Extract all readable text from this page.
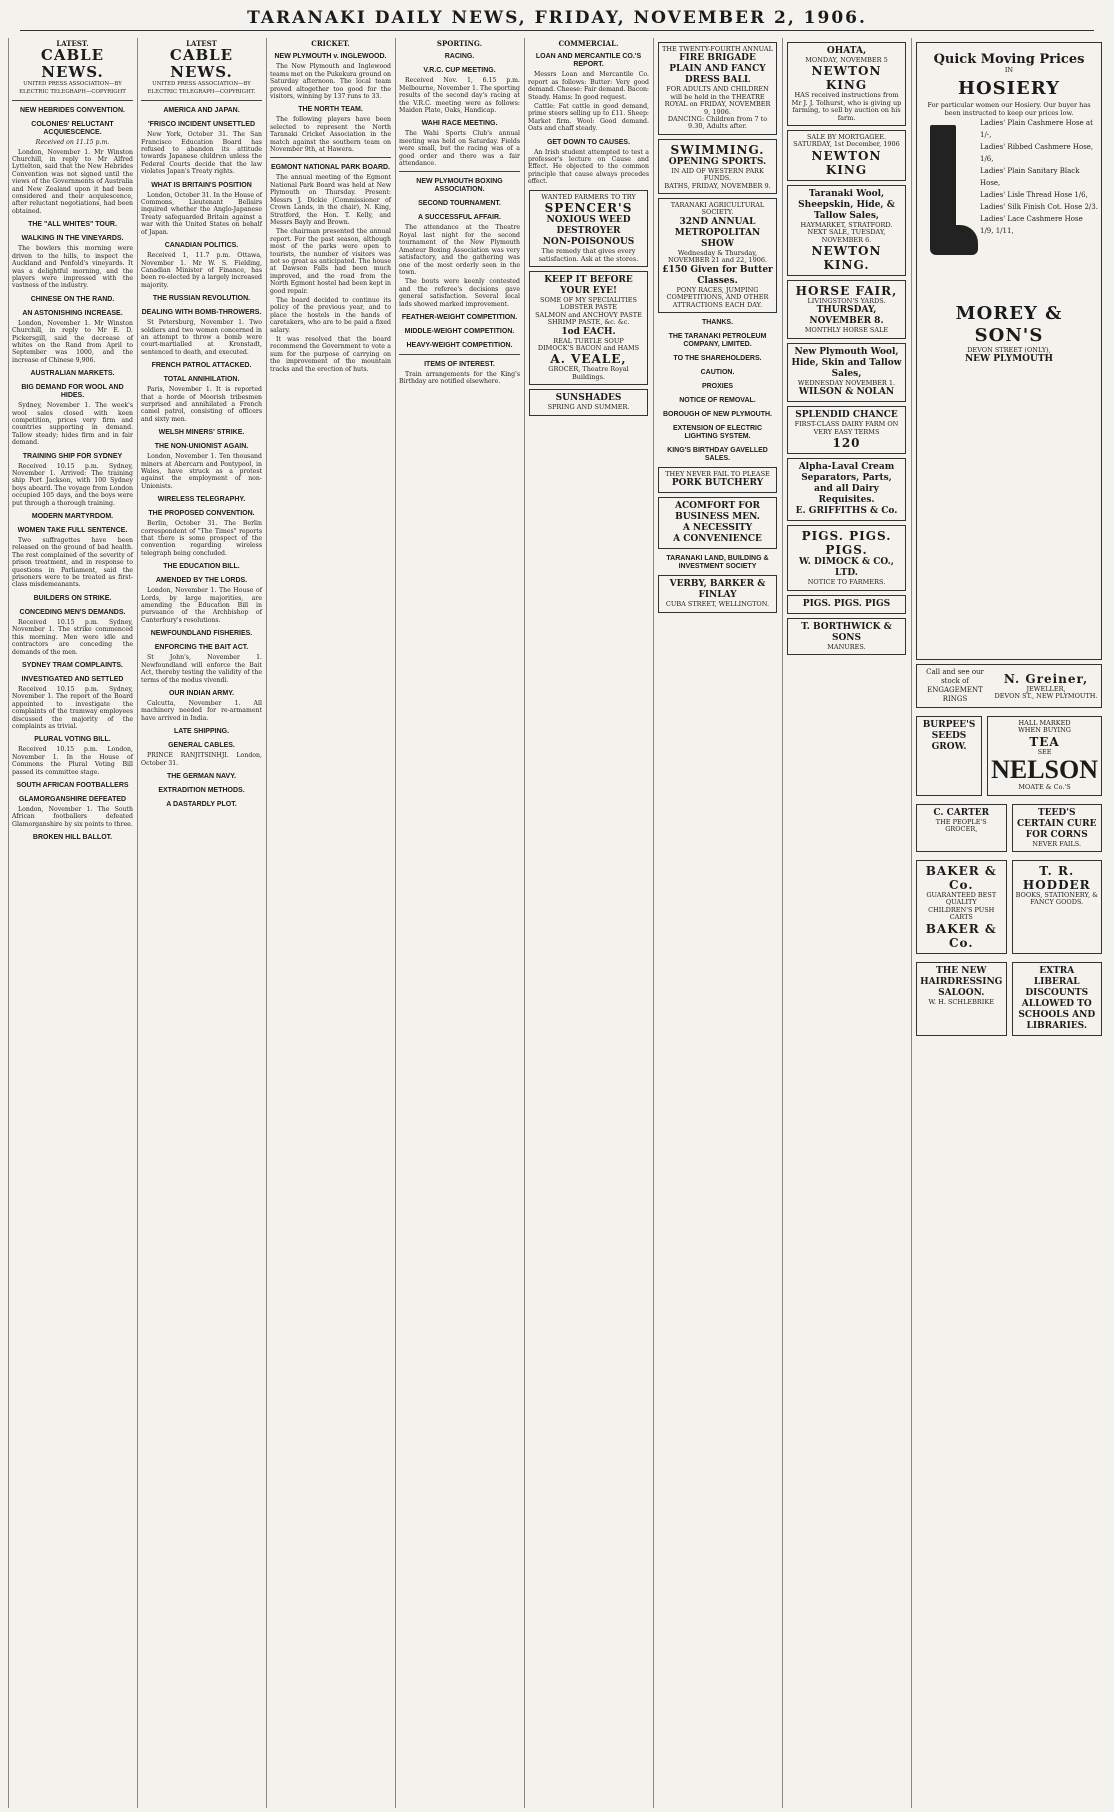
TARANAKI DAILY NEWS, FRIDAY, NOVEMBER 2, 1906.
LATEST.
CABLE NEWS.
UNITED PRESS ASSOCIATION—BY ELECTRIC TELEGRAPH—COPYRIGHT
NEW HEBRIDES CONVENTION.
COLONIES' RELUCTANT ACQUIESCENCE.
Received on 11.15 p.m.

London, November 1. Mr Winston Churchill, in reply to Mr Alfred Lyttelton, said that the New Hebrides Convention was not signed until the views of the Governments of Australia and New Zealand upon it had been considered and their acquiescence, after reluctant negotiations, had been obtained.

THE "ALL WHITES" TOUR.
WALKING IN THE VINEYARDS.

The bowlers this morning were driven to the hills, to inspect the Auckland and Penfold's vineyards. It was a delightful morning, and the players were impressed with the vastness of the industry.

CHINESE ON THE RAND.
AN ASTONISHING INCREASE.

London, November 1. Mr Winston Churchill, in reply to Mr E. D. Pickersgill, said the decrease of whites on the Rand from April to September was 1000, and the increase of Chinese 9,906.

AUSTRALIAN MARKETS.
BIG DEMAND FOR WOOL AND HIDES.

Sydney, November 1. The week's wool sales closed with keen competition, prices very firm and countries supporting in demand. Tallow steady; hides firm and in fair demand.

TRAINING SHIP FOR SYDNEY

Received 10.15 p.m. Sydney, November 1. Arrived: The training ship Port Jackson, with 100 Sydney boys aboard. The voyage from London occupied 105 days, and the boys were put through a thorough training.

MODERN MARTYRDOM.
WOMEN TAKE FULL SENTENCE.

Two suffragettes have been released on the ground of bad health. The rest complained of the severity of prison treatment, and in response to questions in Parliament, said the prisoners were to be treated as first-class misdemeanants.

BUILDERS ON STRIKE.
CONCEDING MEN'S DEMANDS.

Received 10.15 p.m. Sydney, November 1. The strike commenced this morning. Men were idle and contractors are conceding the demands of the men.

SYDNEY TRAM COMPLAINTS.
INVESTIGATED AND SETTLED

Received 10.15 p.m. Sydney, November 1. The report of the Board appointed to investigate the complaints of the tramway employees discussed the majority of the complaints as trivial.

PLURAL VOTING BILL.

Received 10.15 p.m. London, November 1. In the House of Commons the Plural Voting Bill passed its committee stage.

SOUTH AFRICAN FOOTBALLERS
GLAMORGANSHIRE DEFEATED

London, November 1. The South African footballers defeated Glamorganshire by six points to three.

BROKEN HILL BALLOT.
LATEST
CABLE NEWS.
UNITED PRESS ASSOCIATION—BY ELECTRIC TELEGRAPH—COPYRIGHT.
AMERICA AND JAPAN.
'FRISCO INCIDENT UNSETTLED

New York, October 31. The San Francisco Education Board has refused to abandon its attitude towards Japanese children unless the Federal Courts decide that the law violates Japan's Treaty rights.

WHAT IS BRITAIN'S POSITION

London, October 31. In the House of Commons, Lieutenant Bellairs inquired whether the Anglo-Japanese Treaty safeguarded Britain against a war with the United States on behalf of Japan.

CANADIAN POLITICS.

Received 1, 11.7 p.m. Ottawa, November 1. Mr W. S. Fielding, Canadian Minister of Finance, has been re-elected by a largely increased majority.

THE RUSSIAN REVOLUTION.
DEALING WITH BOMB-THROWERS.

St Petersburg, November 1. Two soldiers and two women concerned in an attempt to throw a bomb were court-martialled at Kronstadt, sentenced to death, and executed.

FRENCH PATROL ATTACKED.
TOTAL ANNIHILATION.

Paris, November 1. It is reported that a horde of Moorish tribesmen surprised and annihilated a French camel patrol, consisting of officers and sixty men.

WELSH MINERS' STRIKE.
THE NON-UNIONIST AGAIN.

London, November 1. Ten thousand miners at Abercarn and Pontypool, in Wales, have struck as a protest against the employment of non-Unionists.

WIRELESS TELEGRAPHY.
THE PROPOSED CONVENTION.

Berlin, October 31. The Berlin correspondent of "The Times" reports that there is some prospect of the convention regarding wireless telegraph being concluded.

THE EDUCATION BILL.
AMENDED BY THE LORDS.

London, November 1. The House of Lords, by large majorities, are amending the Education Bill in pursuance of the Archbishop of Canterbury's resolutions.

NEWFOUNDLAND FISHERIES.
ENFORCING THE BAIT ACT.

St John's, November 1. Newfoundland will enforce the Bait Act, thereby testing the validity of the terms of the modus vivendi.

OUR INDIAN ARMY.

Calcutta, November 1. All machinery needed for re-armament have arrived in India.

LATE SHIPPING.
GENERAL CABLES.

PRINCE RANJITSINHJI. London, October 31.

THE GERMAN NAVY.
EXTRADITION METHODS.
A DASTARDLY PLOT.
CRICKET.
NEW PLYMOUTH v. INGLEWOOD.

The New Plymouth and Inglewood teams met on the Pukekura ground on Saturday afternoon. The local team proved altogether too good for the visitors, winning by 137 runs to 33.

THE NORTH TEAM.

The following players have been selected to represent the North Taranaki Cricket Association in the match against the southern team on November 9th, at Hawera.

EGMONT NATIONAL PARK BOARD.

The annual meeting of the Egmont National Park Board was held at New Plymouth on Thursday. Present: Messrs J. Dickie (Commissioner of Crown Lands, in the chair), N. King, Stratford, the Hon. T. Kelly, and Messrs Bayly and Brown.

The chairman presented the annual report. For the past season, although most of the parks were open to tourists, the number of visitors was not so great as anticipated. The house at Dawson Falls had been much improved, and the road from the North Egmont hostel had been kept in good repair.

The board decided to continue its policy of the previous year, and to place the hostels in the hands of caretakers, who are to be paid a fixed salary.

It was resolved that the board recommend the Government to vote a sum for the purpose of carrying on the improvement of the mountain tracks and the erection of huts.

SPORTING.
RACING.
V.R.C. CUP MEETING.

Received Nov. 1, 6.15 p.m. Melbourne, November 1. The sporting results of the second day's racing at the V.R.C. meeting were as follows: Maiden Plate, Oaks, Handicap.

WAHI RACE MEETING.

The Wahi Sports Club's annual meeting was held on Saturday. Fields were small, but the racing was of a good order and there was a fair attendance.

NEW PLYMOUTH BOXING ASSOCIATION.
SECOND TOURNAMENT.
A SUCCESSFUL AFFAIR.

The attendance at the Theatre Royal last night for the second tournament of the New Plymouth Amateur Boxing Association was very satisfactory, and the gathering was one of the most orderly seen in the town.

The bouts were keenly contested and the referee's decisions gave general satisfaction. Several local lads showed marked improvement.

FEATHER-WEIGHT COMPETITION.
MIDDLE-WEIGHT COMPETITION.
HEAVY-WEIGHT COMPETITION.
ITEMS OF INTEREST.

Train arrangements for the King's Birthday are notified elsewhere.

COMMERCIAL.
LOAN AND MERCANTILE CO.'S REPORT.

Messrs Loan and Mercantile Co. report as follows: Butter: Very good demand. Cheese: Fair demand. Bacon: Steady. Hams: In good request.

Cattle: Fat cattle in good demand, prime steers selling up to £11. Sheep: Market firm. Wool: Good demand. Oats and chaff steady.

GET DOWN TO CAUSES.

An Irish student attempted to test a professor's lecture on Cause and Effect. He objected to the common principle that cause always precedes effect.

WANTED FARMERS TO TRY
SPENCER'S
NOXIOUS WEED DESTROYER
NON-POISONOUS
The remedy that gives every satisfaction. Ask at the stores.
KEEP IT BEFORE YOUR EYE!
SOME OF MY SPECIALITIES
LOBSTER PASTE
SALMON and ANCHOVY PASTE
SHRIMP PASTE, &c. &c.
1od EACH.
REAL TURTLE SOUP
DIMOCK'S BACON and HAMS
A. VEALE,
GROCER, Theatre Royal Buildings.
SUNSHADES
SPRING AND SUMMER.
THE TWENTY-FOURTH ANNUAL
FIRE BRIGADE PLAIN AND FANCY DRESS BALL
FOR ADULTS AND CHILDREN will be held in the THEATRE ROYAL on FRIDAY, NOVEMBER 9, 1906.
DANCING: Children from 7 to 9.30, Adults after.
SWIMMING.
OPENING SPORTS.
IN AID OF WESTERN PARK FUNDS.
BATHS, FRIDAY, NOVEMBER 9.
TARANAKI AGRICULTURAL SOCIETY.
32ND ANNUAL METROPOLITAN SHOW
Wednesday & Thursday, NOVEMBER 21 and 22, 1906.
£150 Given for Butter Classes.
PONY RACES, JUMPING COMPETITIONS, AND OTHER ATTRACTIONS EACH DAY.
THANKS.
THE TARANAKI PETROLEUM COMPANY, LIMITED.
TO THE SHAREHOLDERS.
CAUTION.
PROXIES
NOTICE OF REMOVAL.
BOROUGH OF NEW PLYMOUTH.
EXTENSION OF ELECTRIC LIGHTING SYSTEM.
KING'S BIRTHDAY GAVELLED SALES.
THEY NEVER FAIL TO PLEASE
PORK BUTCHERY
ACOMFORT FOR BUSINESS MEN.
A NECESSITY
A CONVENIENCE
TARANAKI LAND, BUILDING & INVESTMENT SOCIETY
VERBY, BARKER & FINLAY
CUBA STREET, WELLINGTON.
OHATA,
MONDAY, NOVEMBER 5
NEWTON KING
HAS received instructions from Mr J. J. Tolhurst, who is giving up farming, to sell by auction on his farm.
SALE BY MORTGAGEE.
SATURDAY, 1st December, 1906
NEWTON KING
Taranaki Wool, Sheepskin, Hide, & Tallow Sales,
HAYMARKET, STRATFORD.
NEXT SALE, TUESDAY, NOVEMBER 6.
NEWTON KING.
HORSE FAIR,
LIVINGSTON'S YARDS.
THURSDAY, NOVEMBER 8.
MONTHLY HORSE SALE
New Plymouth Wool, Hide, Skin and Tallow Sales,
WEDNESDAY NOVEMBER 1.
WILSON & NOLAN
SPLENDID CHANCE
FIRST-CLASS DAIRY FARM ON VERY EASY TERMS
120
Alpha-Laval Cream Separators, Parts, and all Dairy Requisites.
E. GRIFFITHS & Co.
PIGS. PIGS. PIGS.
W. DIMOCK & CO., LTD.
NOTICE TO FARMERS.
PIGS. PIGS. PIGS
T. BORTHWICK & SONS
MANURES.
Quick Moving Prices
IN
HOSIERY
For particular women our Hosiery. Our buyer has been instructed to keep our prices low.
Ladies' Plain Cashmere Hose at 1/-,
Ladies' Ribbed Cashmere Hose, 1/6,
Ladies' Plain Sanitary Black Hose,
Ladies' Lisle Thread Hose 1/6,
Ladies' Silk Finish Cot. Hose 2/3.
Ladies' Lace Cashmere Hose 1/9, 1/11,
MOREY & SON'S
DEVON STREET (ONLY),
NEW PLYMOUTH
Call and see our stock of ENGAGEMENT RINGS
N. Greiner,
JEWELLER,
DEVON ST., NEW PLYMOUTH.
BURPEE'S SEEDS GROW.
HALL MARKED
WHEN BUYING
TEA
SEE
NELSON
MOATE & Co.'S
C. CARTER
THE PEOPLE'S GROCER,
TEED'S CERTAIN CURE FOR CORNS
NEVER FAILS.
BAKER & Co.
GUARANTEED BEST QUALITY
CHILDREN'S PUSH CARTS
BAKER & Co.
T. R. HODDER
BOOKS, STATIONERY, & FANCY GOODS.
THE NEW HAIRDRESSING SALOON.
W. H. SCHLEBRIKE
EXTRA LIBERAL DISCOUNTS ALLOWED TO SCHOOLS AND LIBRARIES.
